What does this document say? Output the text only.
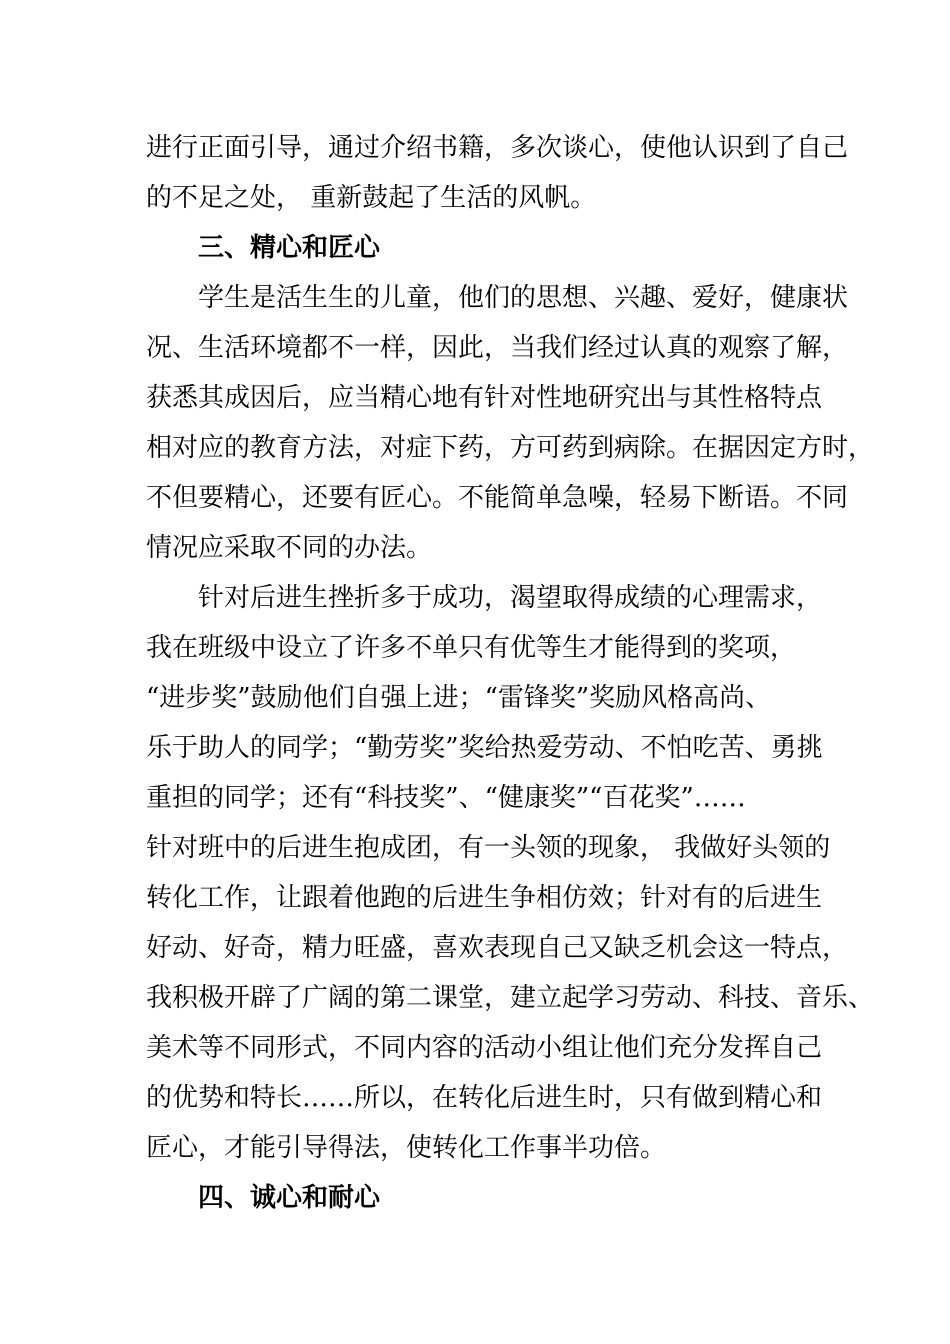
进行正面引导，通过介绍书籍，多次谈心，使他认识到了自己
的不足之处， 重新鼓起了生活的风帆。
三、精心和匠心
学生是活生生的儿童，他们的思想、兴趣、爱好，健康状
况、生活环境都不一样，因此，当我们经过认真的观察了解，
获悉其成因后，应当精心地有针对性地研究出与其性格特点
相对应的教育方法，对症下药，方可药到病除。在据因定方时，
不但要精心，还要有匠心。不能简单急噪，轻易下断语。不同
情况应采取不同的办法。
针对后进生挫折多于成功，渴望取得成绩的心理需求，
我在班级中设立了许多不单只有优等生才能得到的奖项，
“进步奖”鼓励他们自强上进；“雷锋奖”奖励风格高尚、
乐于助人的同学；“勤劳奖”奖给热爱劳动、不怕吃苦、勇挑
重担的同学；还有“科技奖”、“健康奖”“百花奖”……
针对班中的后进生抱成团，有一头领的现象， 我做好头领的
转化工作，让跟着他跑的后进生争相仿效；针对有的后进生
好动、好奇，精力旺盛，喜欢表现自己又缺乏机会这一特点，
我积极开辟了广阔的第二课堂，建立起学习劳动、科技、音乐、
美术等不同形式，不同内容的活动小组让他们充分发挥自己
的优势和特长……所以，在转化后进生时，只有做到精心和
匠心，才能引导得法，使转化工作事半功倍。
四、诚心和耐心
